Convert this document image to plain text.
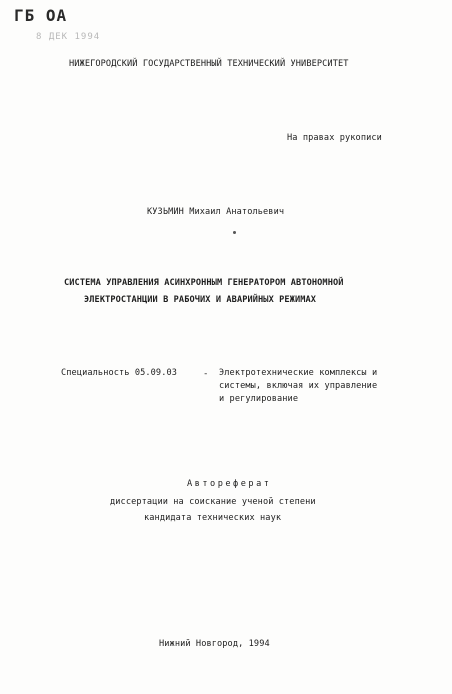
ГБ ОА
8 ДЕК 1994
НИЖЕГОРОДСКИЙ ГОСУДАРСТВЕННЫЙ ТЕХНИЧЕСКИЙ УНИВЕРСИТЕТ
На правах рукописи
КУЗЬМИН Михаил Анатольевич
СИСТЕМА УПРАВЛЕНИЯ АСИНХРОННЫМ ГЕНЕРАТОРОМ АВТОНОМНОЙ
ЭЛЕКТРОСТАНЦИИ В РАБОЧИХ И АВАРИЙНЫХ РЕЖИМАХ
Специальность 05.09.03	- Электротехнические комплексы и
системы, включая их управление
и регулирование
Автореферат
диссертации на соискание ученой степени
кандидата технических наук
Нижний Новгород, 1994
